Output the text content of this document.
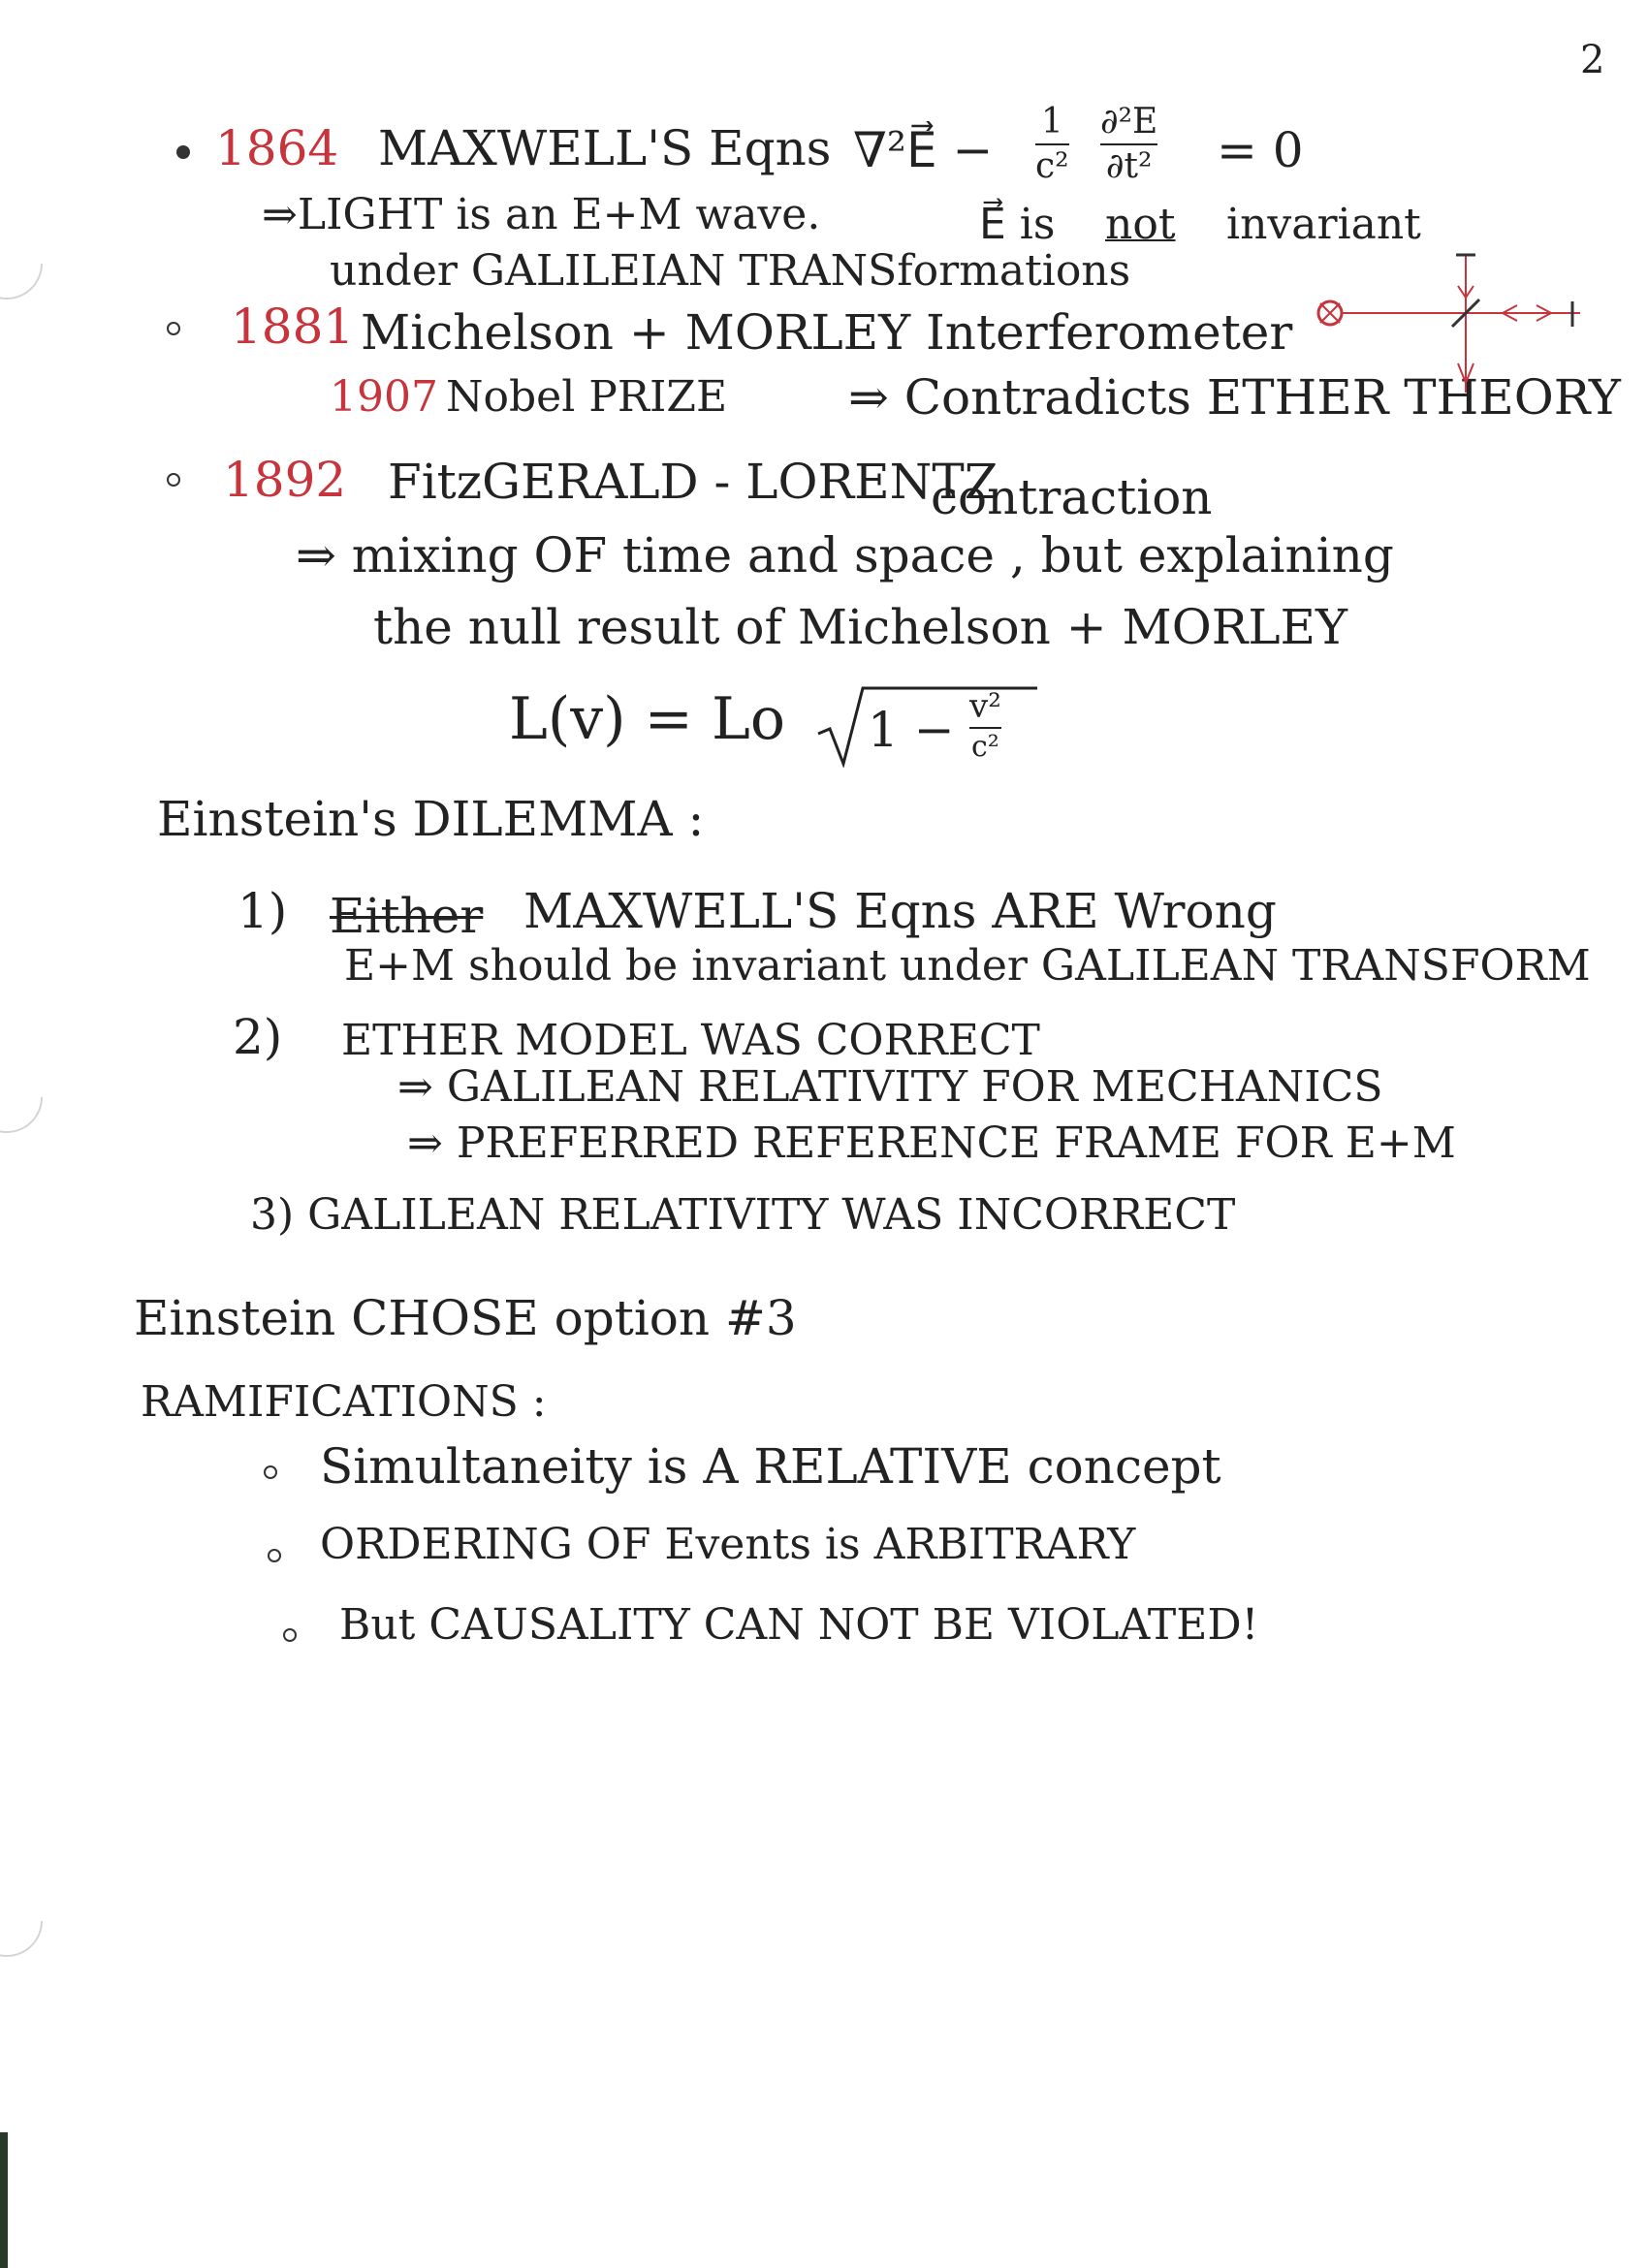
2
1864 MAXWELL'S Eqns ∇²E⃗ −
1
c²
∂²E
∂t² = 0
⇒LIGHT is an E+M wave.	E⃗ is not invariant
under GALILEIAN TRANSformations
1881 Michelson + MORLEY Interferometer
1907 Nobel PRIZE ⇒ Contradicts ETHER THEORY
1892 FitzGERALD - LORENTZ
contraction
⇒ mixing OF time and space , but explaining
the null result of Michelson + MORLEY
L(v) = Lo 1 − v²
c²
Einstein's DILEMMA :
1) Either MAXWELL'S Eqns ARE Wrong
E+M should be invariant under GALILEAN TRANSFORM
2) ETHER MODEL WAS CORRECT
⇒ GALILEAN RELATIVITY FOR MECHANICS
⇒ PREFERRED REFERENCE FRAME FOR E+M
3) GALILEAN RELATIVITY WAS INCORRECT
Einstein CHOSE option #3
RAMIFICATIONS :
Simultaneity is A RELATIVE concept
ORDERING OF Events is ARBITRARY
But CAUSALITY CAN NOT BE VIOLATED!
